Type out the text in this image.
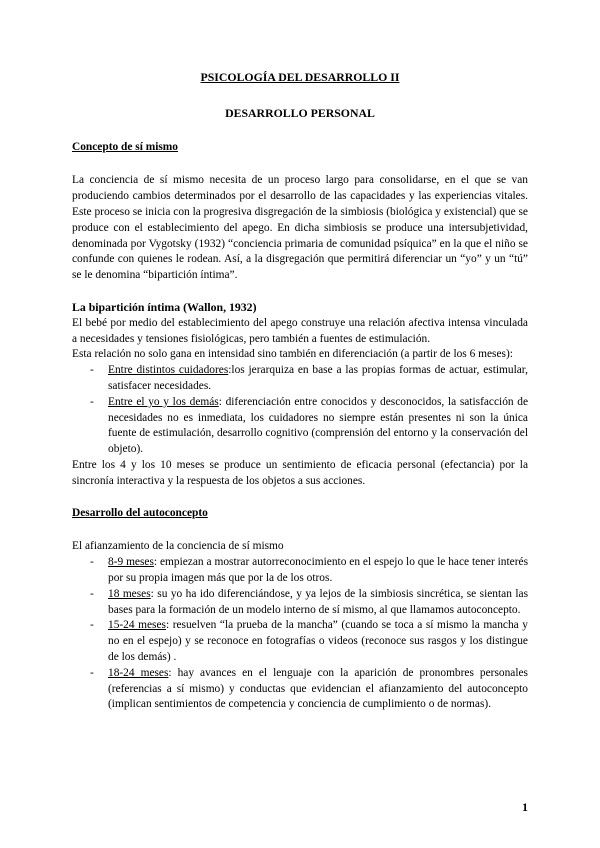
PSICOLOGÍA DEL DESARROLLO II
DESARROLLO PERSONAL
Concepto de sí mismo

La conciencia de sí mismo necesita de un proceso largo para consolidarse, en el que se van produciendo cambios determinados por el desarrollo de las capacidades y las experiencias vitales. Este proceso se inicia con la progresiva disgregación de la simbiosis (biológica y existencial) que se produce con el establecimiento del apego. En dicha simbiosis se produce una intersubjetividad, denominada por Vygotsky (1932) “conciencia primaria de comunidad psíquica” en la que el niño se confunde con quienes le rodean. Así, a la disgregación que permitirá diferenciar un “yo” y un “tú” se le denomina “bipartición íntima”.

La bipartición íntima (Wallon, 1932)

El bebé por medio del establecimiento del apego construye una relación afectiva intensa vinculada a necesidades y tensiones fisiológicas, pero también a fuentes de estimulación.

Esta relación no solo gana en intensidad sino también en diferenciación (a partir de los 6 meses):

- Entre distintos cuidadores:los jerarquiza en base a las propias formas de actuar, estimular, satisfacer necesidades.
- Entre el yo y los demás: diferenciación entre conocidos y desconocidos, la satisfacción de necesidades no es inmediata, los cuidadores no siempre están presentes ni son la única fuente de estimulación, desarrollo cognitivo (comprensión del entorno y la conservación del objeto).

Entre los 4 y los 10 meses se produce un sentimiento de eficacia personal (efectancia) por la sincronía interactiva y la respuesta de los objetos a sus acciones.

Desarrollo del autoconcepto

El afianzamiento de la conciencia de sí mismo

- 8-9 meses: empiezan a mostrar autorreconocimiento en el espejo lo que le hace tener interés por su propia imagen más que por la de los otros.
- 18 meses: su yo ha ido diferenciándose, y ya lejos de la simbiosis sincrética, se sientan las bases para la formación de un modelo interno de sí mismo, al que llamamos autoconcepto.
- 15-24 meses: resuelven “la prueba de la mancha” (cuando se toca a sí mismo la mancha y no en el espejo) y se reconoce en fotografías o videos (reconoce sus rasgos y los distingue de los demás) .
- 18-24 meses: hay avances en el lenguaje con la aparición de pronombres personales (referencias a sí mismo) y conductas que evidencian el afianzamiento del autoconcepto (implican sentimientos de competencia y conciencia de cumplimiento o de normas).
1
